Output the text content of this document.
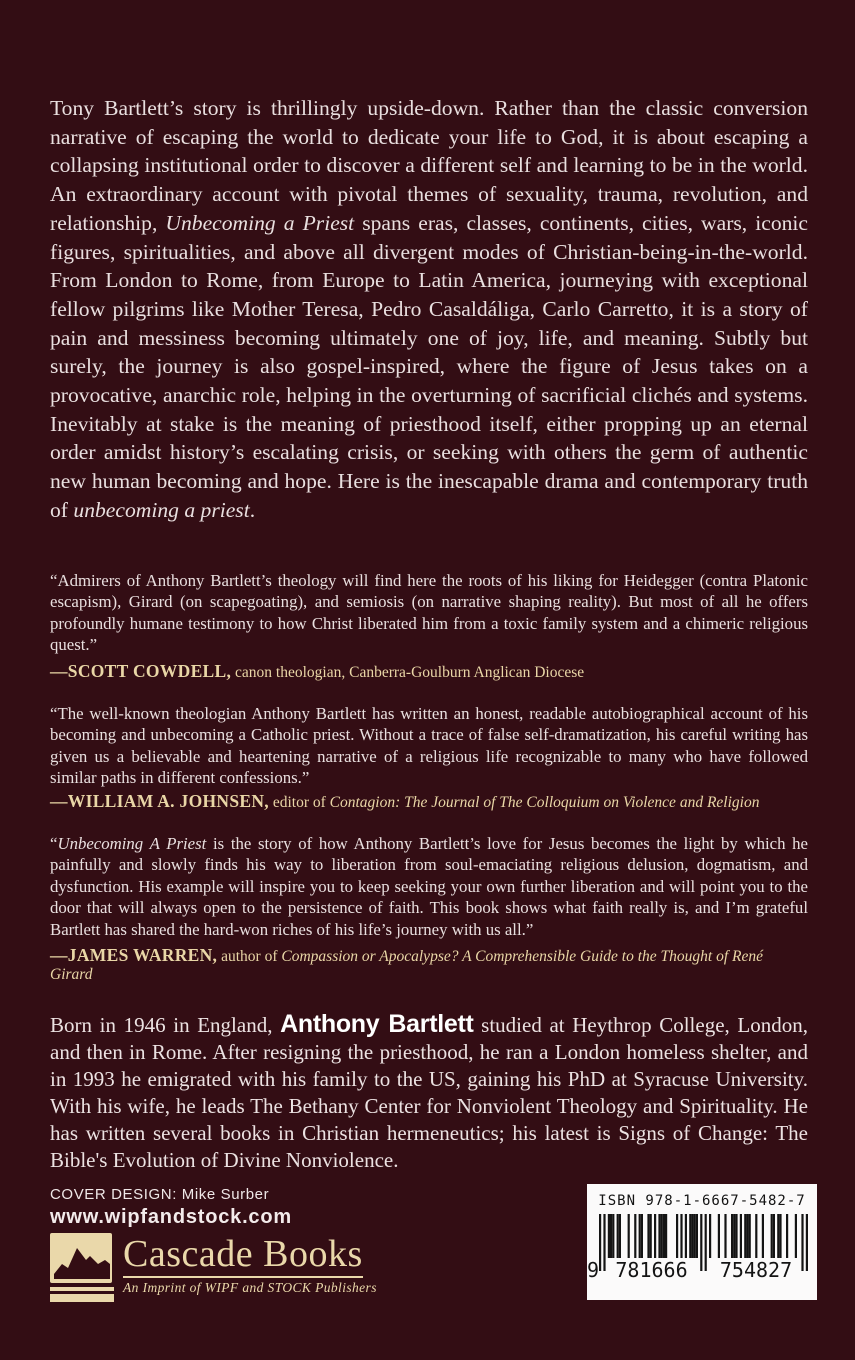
Tony Bartlett’s story is thrillingly upside-down. Rather than the classic conversion narrative of escaping the world to dedicate your life to God, it is about escaping a collapsing institutional order to discover a different self and learning to be in the world. An extraordinary account with pivotal themes of sexuality, trauma, revolution, and relationship, Unbecoming a Priest spans eras, classes, continents, cities, wars, iconic figures, spiritualities, and above all divergent modes of Christian-being-in-the-world. From London to Rome, from Europe to Latin America, journeying with exceptional fellow pilgrims like Mother Teresa, Pedro Casaldáliga, Carlo Carretto, it is a story of pain and messiness becoming ultimately one of joy, life, and meaning. Subtly but surely, the journey is also gospel-inspired, where the figure of Jesus takes on a provocative, anarchic role, helping in the overturning of sacrificial clichés and systems. Inevitably at stake is the meaning of priesthood itself, either propping up an eternal order amidst history’s escalating crisis, or seeking with others the germ of authentic new human becoming and hope. Here is the inescapable drama and contemporary truth of unbecoming a priest.

“Admirers of Anthony Bartlett’s theology will find here the roots of his liking for Heidegger (contra Platonic escapism), Girard (on scapegoating), and semiosis (on narrative shaping reality). But most of all he offers profoundly humane testimony to how Christ liberated him from a toxic family system and a chimeric religious quest.”

—SCOTT COWDELL, canon theologian, Canberra-Goulburn Anglican Diocese

“The well-known theologian Anthony Bartlett has written an honest, readable autobiographical account of his becoming and unbecoming a Catholic priest. Without a trace of false self-dramatization, his careful writing has given us a believable and heartening narrative of a religious life recognizable to many who have followed similar paths in different confessions.”

—WILLIAM A. JOHNSEN, editor of Contagion: The Journal of The Colloquium on Violence and Religion

“Unbecoming A Priest is the story of how Anthony Bartlett’s love for Jesus becomes the light by which he painfully and slowly finds his way to liberation from soul-emaciating religious delusion, dogmatism, and dysfunction. His example will inspire you to keep seeking your own further liberation and will point you to the door that will always open to the persistence of faith. This book shows what faith really is, and I’m grateful Bartlett has shared the hard-won riches of his life’s journey with us all.”

—JAMES WARREN, author of Compassion or Apocalypse? A Comprehensible Guide to the Thought of René Girard

Born in 1946 in England, Anthony Bartlett studied at Heythrop College, London, and then in Rome. After resigning the priesthood, he ran a London homeless shelter, and in 1993 he emigrated with his family to the US, gaining his PhD at Syracuse University. With his wife, he leads The Bethany Center for Nonviolent Theology and Spirituality. He has written several books in Christian hermeneutics; his latest is Signs of Change: The Bible's Evolution of Divine Nonviolence.

COVER DESIGN: Mike Surber
www.wipfandstock.com
Cascade Books
An Imprint of WIPF and STOCK Publishers
ISBN 978-1-6667-5482-7
9 781666	754827
